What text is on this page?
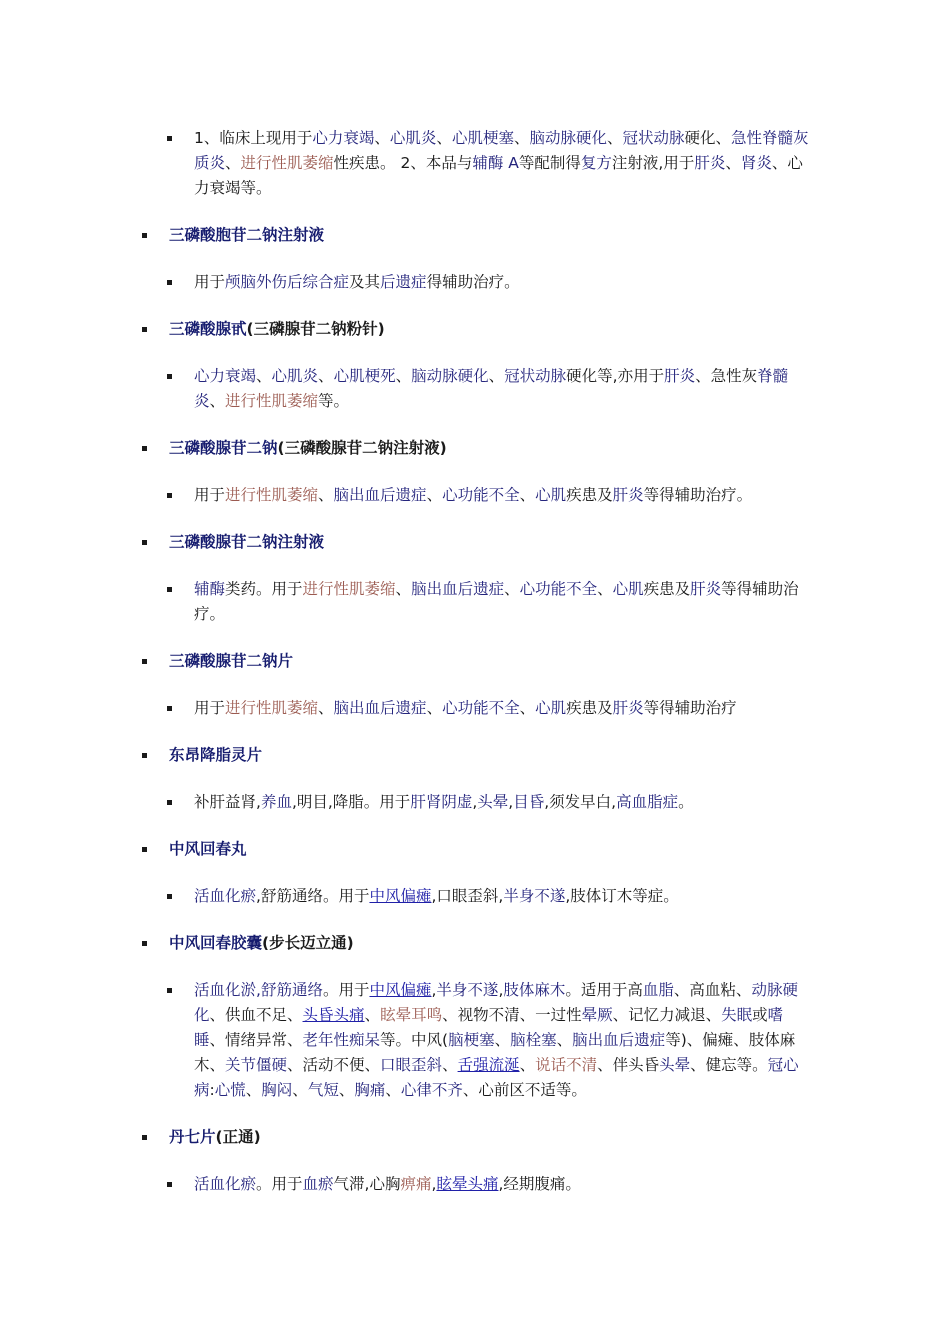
1、临床上现用于心力衰竭、心肌炎、心肌梗塞、脑动脉硬化、冠状动脉硬化、急性脊髓灰质炎、进行性肌萎缩性疾患。 2、本品与辅酶 A等配制得复方注射液,用于肝炎、肾炎、心力衰竭等。
三磷酸胞苷二钠注射液
用于颅脑外伤后综合症及其后遗症得辅助治疗。
三磷酸腺甙(三磷腺苷二钠粉针)
心力衰竭、心肌炎、心肌梗死、脑动脉硬化、冠状动脉硬化等,亦用于肝炎、急性灰脊髓炎、进行性肌萎缩等。
三磷酸腺苷二钠(三磷酸腺苷二钠注射液)
用于进行性肌萎缩、脑出血后遗症、心功能不全、心肌疾患及肝炎等得辅助治疗。
三磷酸腺苷二钠注射液
辅酶类药。用于进行性肌萎缩、脑出血后遗症、心功能不全、心肌疾患及肝炎等得辅助治疗。
三磷酸腺苷二钠片
用于进行性肌萎缩、脑出血后遗症、心功能不全、心肌疾患及肝炎等得辅助治疗
东昂降脂灵片
补肝益肾,养血,明目,降脂。用于肝肾阴虚,头晕,目昏,须发早白,高血脂症。
中风回春丸
活血化瘀,舒筋通络。用于中风偏瘫,口眼歪斜,半身不遂,肢体订木等症。
中风回春胶囊(步长迈立通)
活血化淤,舒筋通络。用于中风偏瘫,半身不遂,肢体麻木。适用于高血脂、高血粘、动脉硬化、供血不足、头昏头痛、眩晕耳鸣、视物不清、一过性晕厥、记忆力减退、失眠或嗜睡、情绪异常、老年性痴呆等。中风(脑梗塞、脑栓塞、脑出血后遗症等)、偏瘫、肢体麻木、关节僵硬、活动不便、口眼歪斜、舌强流涎、说话不清、伴头昏头晕、健忘等。冠心病:心慌、胸闷、气短、胸痛、心律不齐、心前区不适等。
丹七片(正通)
活血化瘀。用于血瘀气滞,心胸痹痛,眩晕头痛,经期腹痛。
